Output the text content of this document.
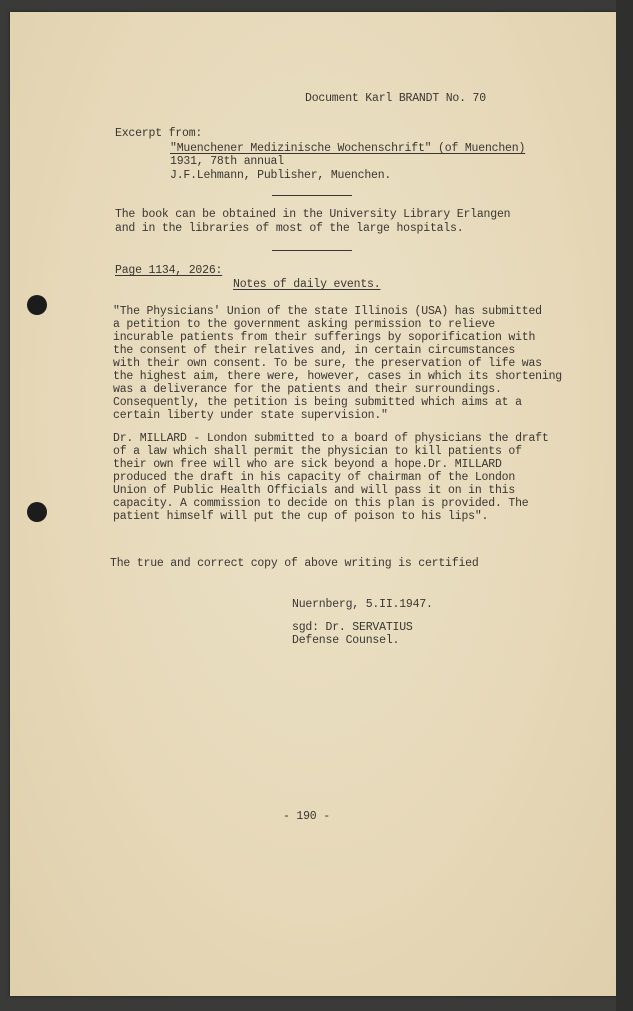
Document Karl BRANDT No. 70
Excerpt from:
"Muenchener Medizinische Wochenschrift" (of Muenchen)
1931, 78th annual
J.F.Lehmann, Publisher, Muenchen.
The book can be obtained in the University Library Erlangen
and in the libraries of most of the large hospitals.
Page 1134, 2026:
Notes of daily events.
"The Physicians' Union of the state Illinois (USA) has submitted
a petition to the government asking permission to relieve
incurable patients from their sufferings by soporification with
the consent of their relatives and, in certain circumstances
with their own consent. To be sure, the preservation of life was
the highest aim, there were, however, cases in which its shortening
was a deliverance for the patients and their surroundings.
Consequently, the petition is being submitted which aims at a
certain liberty under state supervision."
Dr. MILLARD - London submitted to a board of physicians the draft
of a law which shall permit the physician to kill patients of
their own free will who are sick beyond a hope.Dr. MILLARD
produced the draft in his capacity of chairman of the London
Union of Public Health Officials and will pass it on in this
capacity. A commission to decide on this plan is provided. The
patient himself will put the cup of poison to his lips".
The true and correct copy of above writing is certified
Nuernberg, 5.II.1947.
sgd: Dr. SERVATIUS
Defense Counsel.
- 190 -
